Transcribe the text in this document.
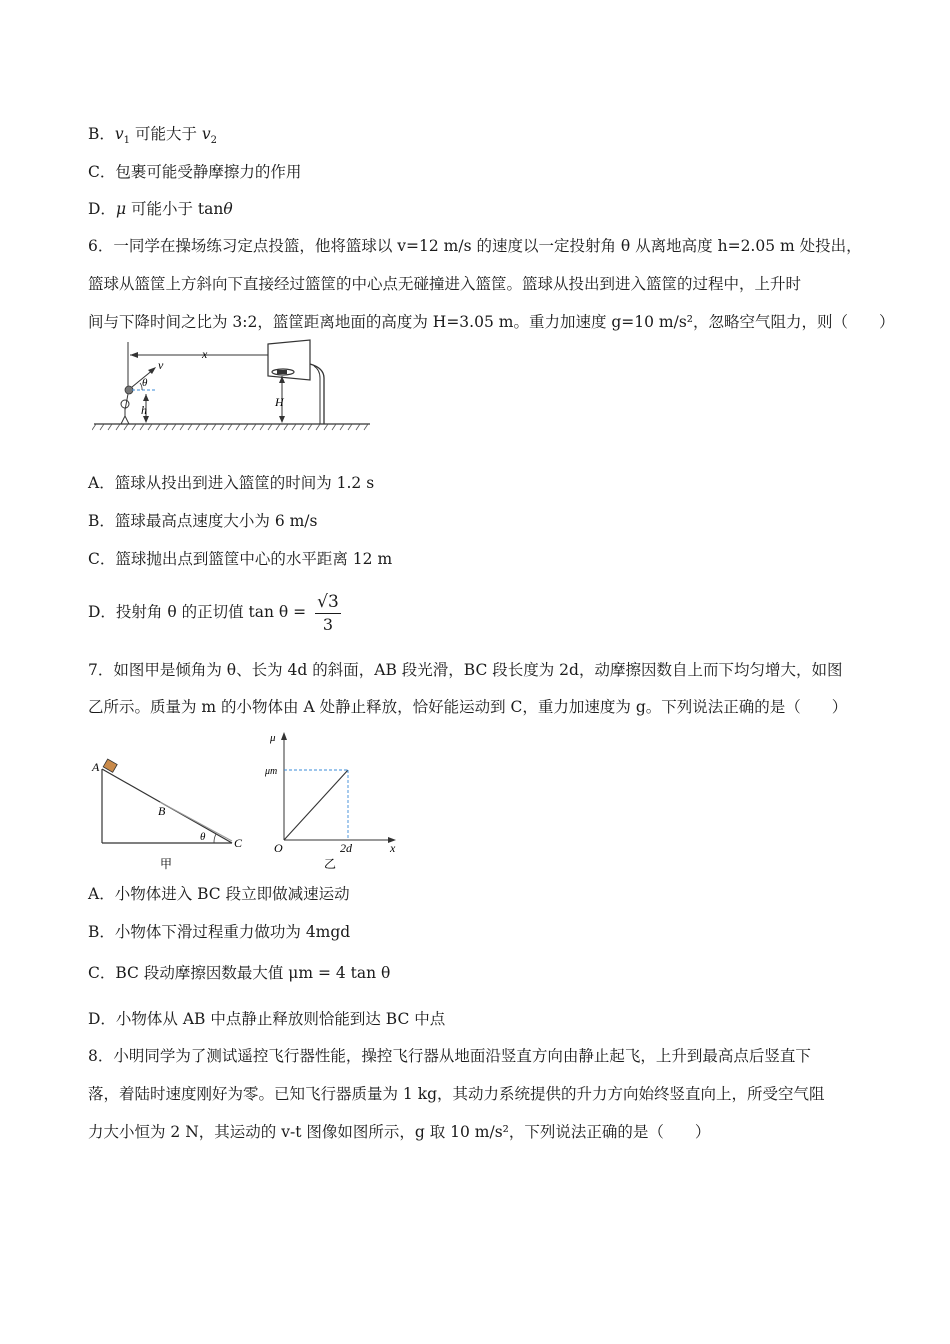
B．$v_1$ 可能大于 $v_2$
C．包裹可能受静摩擦力的作用
D．μ 可能小于 tanθ
6．一同学在操场练习定点投篮，他将篮球以 v=12 m/s 的速度以一定投射角 θ 从离地高度 h=2.05 m 处投出，
篮球从篮筐上方斜向下直接经过篮筐的中心点无碰撞进入篮筐。篮球从投出到进入篮筐的过程中，上升时
间与下降时间之比为 3:2，篮筐距离地面的高度为 H=3.05 m。重力加速度 g=10 m/s²，忽略空气阻力，则（　　）
x
v
θ
h
H
A．篮球从投出到进入篮筐的时间为 1.2 s
B．篮球最高点速度大小为 6 m/s
C．篮球抛出点到篮筐中心的水平距离 12 m
D．投射角 θ 的正切值 $\tan \theta = \frac{√3}{3}$
7．如图甲是倾角为 θ、长为 4d 的斜面，AB 段光滑，BC 段长度为 2d，动摩擦因数自上而下均匀增大，如图
乙所示。质量为 m 的小物体由 A 处静止释放，恰好能运动到 C，重力加速度为 g。下列说法正确的是（　　）
A
B
C
θ
甲
μ
μm
O	2d	x
乙
A．小物体进入 BC 段立即做减速运动
B．小物体下滑过程重力做功为 4mgd
C．BC 段动摩擦因数最大值 μm = 4 tan θ
D．小物体从 AB 中点静止释放则恰能到达 BC 中点
8．小明同学为了测试遥控飞行器性能，操控飞行器从地面沿竖直方向由静止起飞，上升到最高点后竖直下
落，着陆时速度刚好为零。已知飞行器质量为 1 kg，其动力系统提供的升力方向始终竖直向上，所受空气阻
力大小恒为 2 N，其运动的 v-t 图像如图所示，g 取 10 m/s²，下列说法正确的是（　　）
